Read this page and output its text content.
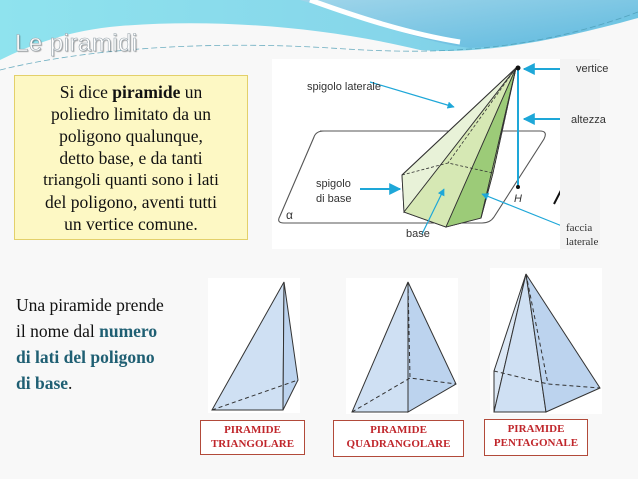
Le piramidi
Si dice piramide un
poliedro limitato da un
poligono qualunque,
detto base, e da tanti
triangoli quanti sono i lati
del poligono, aventi tutti
un vertice comune.
spigolo laterale
vertice
altezza
spigolo
di base
base
α
H
faccia
laterale
Una piramide prende
il nome dal numero
di lati del poligono
di base.
PIRAMIDE
TRIANGOLARE
PIRAMIDE
QUADRANGOLARE
PIRAMIDE
PENTAGONALE
